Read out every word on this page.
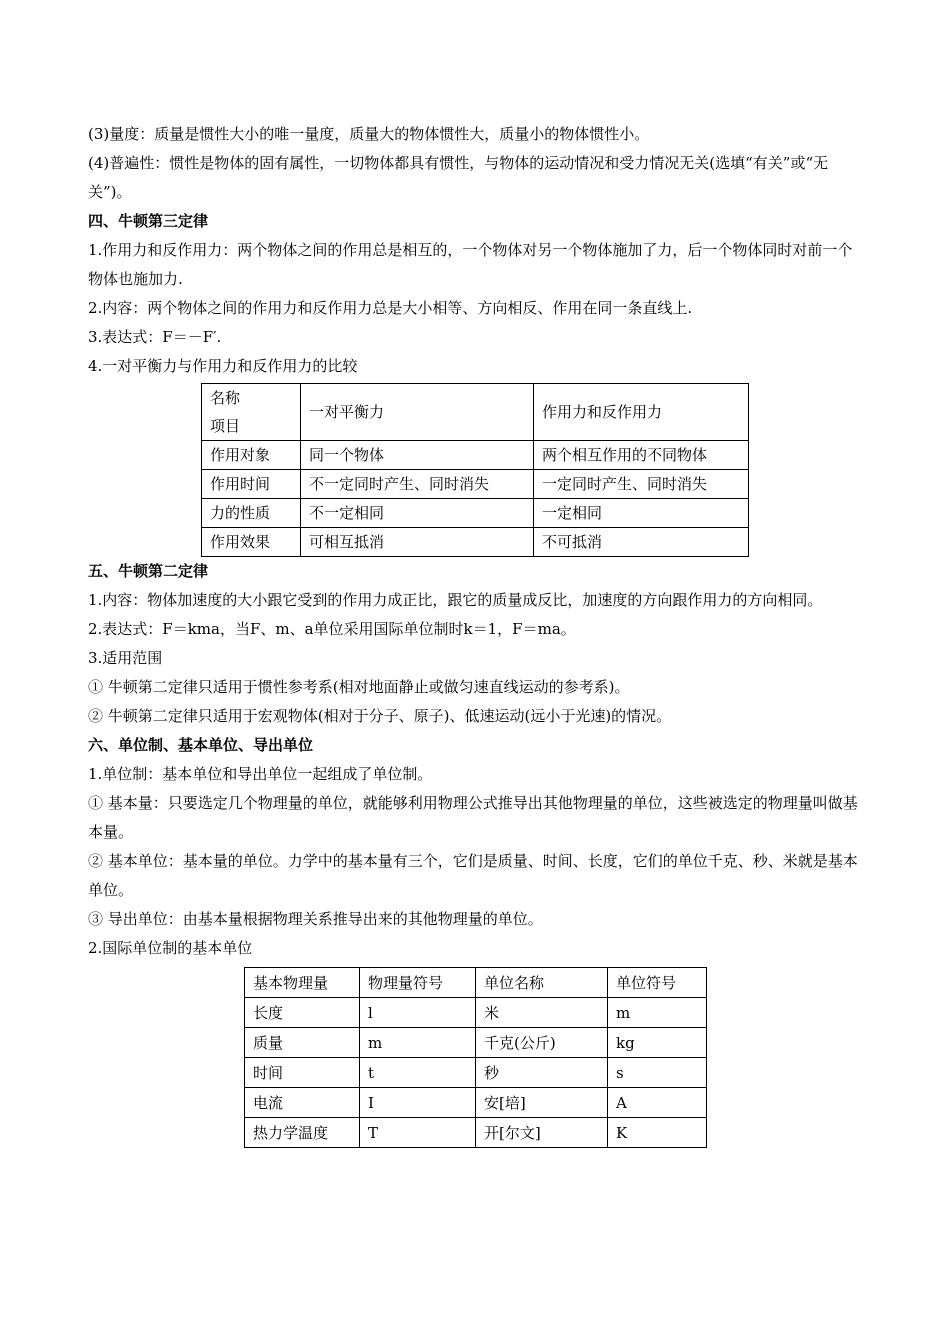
(3)量度：质量是惯性大小的唯一量度，质量大的物体惯性大，质量小的物体惯性小。

(4)普遍性：惯性是物体的固有属性，一切物体都具有惯性，与物体的运动情况和受力情况无关(选填“有关”或“无关”)。

四、牛顿第三定律

1.作用力和反作用力：两个物体之间的作用总是相互的，一个物体对另一个物体施加了力，后一个物体同时对前一个物体也施加力.

2.内容：两个物体之间的作用力和反作用力总是大小相等、方向相反、作用在同一条直线上.

3.表达式：F＝－F′.

4.一对平衡力与作用力和反作用力的比较

名称
项目	一对平衡力	作用力和反作用力
作用对象	同一个物体	两个相互作用的不同物体
作用时间	不一定同时产生、同时消失	一定同时产生、同时消失
力的性质	不一定相同	一定相同
作用效果	可相互抵消	不可抵消

五、牛顿第二定律

1.内容：物体加速度的大小跟它受到的作用力成正比，跟它的质量成反比，加速度的方向跟作用力的方向相同。

2.表达式：F＝kma，当F、m、a单位采用国际单位制时k＝1，F＝ma。

3.适用范围

① 牛顿第二定律只适用于惯性参考系(相对地面静止或做匀速直线运动的参考系)。

② 牛顿第二定律只适用于宏观物体(相对于分子、原子)、低速运动(远小于光速)的情况。

六、单位制、基本单位、导出单位

1.单位制：基本单位和导出单位一起组成了单位制。

① 基本量：只要选定几个物理量的单位，就能够利用物理公式推导出其他物理量的单位，这些被选定的物理量叫做基本量。

② 基本单位：基本量的单位。力学中的基本量有三个，它们是质量、时间、长度，它们的单位千克、秒、米就是基本单位。

③ 导出单位：由基本量根据物理关系推导出来的其他物理量的单位。

2.国际单位制的基本单位

基本物理量	物理量符号	单位名称	单位符号
长度	l	米	m
质量	m	千克(公斤)	kg
时间	t	秒	s
电流	I	安[培]	A
热力学温度	T	开[尔文]	K
